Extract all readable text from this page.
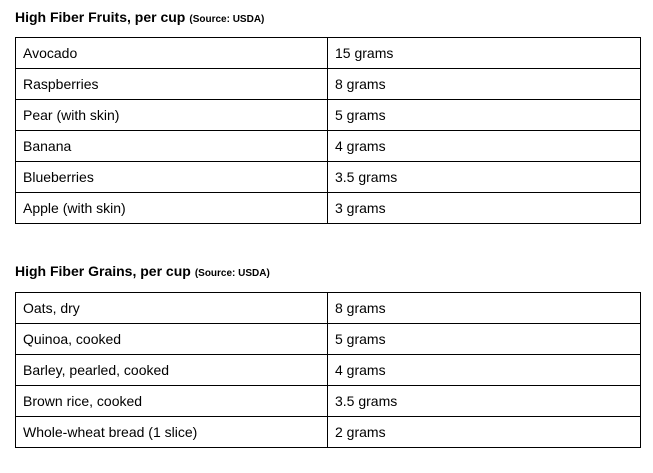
High Fiber Fruits, per cup (Source: USDA)
Avocado	15 grams
Raspberries	8 grams
Pear (with skin)	5 grams
Banana	4 grams
Blueberries	3.5 grams
Apple (with skin)	3 grams
High Fiber Grains, per cup (Source: USDA)
Oats, dry	8 grams
Quinoa, cooked	5 grams
Barley, pearled, cooked	4 grams
Brown rice, cooked	3.5 grams
Whole-wheat bread (1 slice)	2 grams
